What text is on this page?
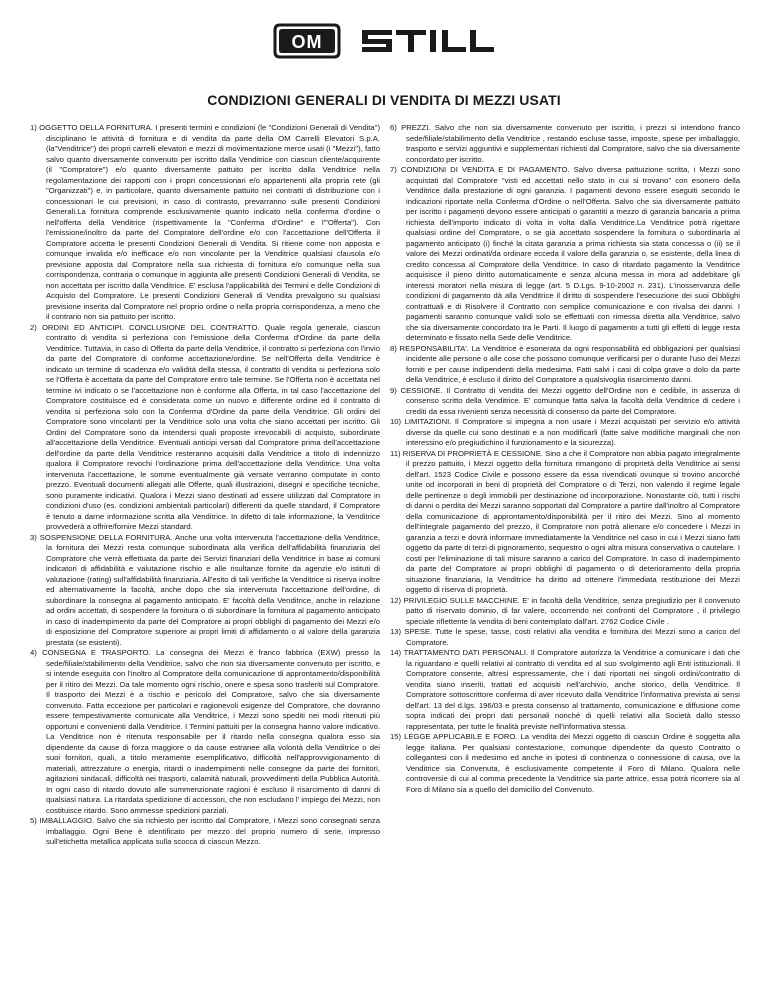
OM
CONDIZIONI GENERALI DI VENDITA DI MEZZI USATI

1) OGGETTO DELLA FORNITURA. I presenti termini e condizioni (le "Condizioni Generali di Vendita") disciplinano le attività di fornitura e di vendita da parte della OM Carrelli Elevatori S.p.A. (la"Venditrice") dei propri carrelli elevatori e mezzi di movimentazione merce usati (i "Mezzi"), fatto salvo quanto diversamente convenuto per iscritto dalla Venditrice con ciascun cliente/acquirente (il "Compratore") e/o quanto diversamente pattuito per iscritto dalla Venditrice nella regolamentazione dei rapporti con i propri concessionari e/o appartenenti alla propria rete (gli "Organizzati") e, in particolare, quanto diversamente pattuito nei contratti di distribuzione con i concessionari le cui previsioni, in caso di contrasto, prevarranno sulle presenti Condizioni Generali.La fornitura comprende esclusivamente quanto indicato nella conferma d'ordine o nell'offerta della Venditrice (rispettivamente la "Conferma d'Ordine" e l'"Offerta"). Con l'emissione/inoltro da parte del Compratore dell'ordine e/o con l'accettazione dell'Offerta il Compratore accetta le presenti Condizioni Generali di Vendita. Si ritiene come non apposta e comunque invalida e/o inefficace e/o non vincolante per la Venditrice qualsiasi clausola e/o previsione apposta dal Compratore nella sua richiesta di fornitura e/o comunque nella sua corrispondenza, contraria o comunque in aggiunta alle presenti Condizioni Generali di Vendita, se non accettata per iscritto dalla Venditrice. E' esclusa l'applicabilità dei Termini e delle Condizioni di Acquisto del Compratore. Le presenti Condizioni Generali di Vendita prevalgono su qualsiasi previsione inserita dal Compratore nel proprio ordine o nella propria corrispondenza, a meno che il contrario non sia pattuito per iscritto.

2) ORDINI ED ANTICIPI. CONCLUSIONE DEL CONTRATTO. Quale regola generale, ciascun contratto di vendita si perfeziona con l'emissione della Conferma d'Ordine da parte della Venditrice. Tuttavia, in caso di Offerta da parte della Venditrice, il contratto si perfeziona con l'invio da parte del Compratore di conforme accettazione/ordine. Se nell'Offerta della Venditrice è indicato un termine di scadenza e/o validità della stessa, il contratto di vendita si perfeziona solo se l'Offerta è accettata da parte del Compratore entro tale termine. Se l'Offerta non è accettata nel termine ivi indicato o se l'accettazione non è conforme alla Offerta, in tal caso l'accettazione del Compratore costituisce ed è considerata come un nuovo e differente ordine ed il contratto di vendita si perfeziona solo con la Conferma d'Ordine da parte della Venditrice. Gli ordini del Compratore sono vincolanti per la Venditrice solo una volta che siano accettati per iscritto. Gli Ordini del Compratore sono da intendersi quali proposte irrevocabili di acquisto, subordinate all'accettazione della Venditrice. Eventuali anticipi versati dal Compratore prima dell'accettazione dell'ordine da parte della Venditrice resteranno acquisiti dalla Venditrice a titolo di indennizzo qualora il Compratore revochi l'ordinazione prima dell'accettazione della Venditrice. Una volta intervenuta l'accettazione, le somme eventualmente già versate verranno computate in conto prezzo. Eventuali documenti allegati alle Offerte, quali illustrazioni, disegni e specifiche tecniche, sono puramente indicativi. Qualora i Mezzi siano destinati ad essere utilizzati dal Compratore in condizioni d'uso (es. condizioni ambientali particolari) differenti da quelle standard, il Compratore è tenuto a darne informazione scritta alla Venditrice. In difetto di tale informazione, la Venditrice provvederà a offrire/fornire Mezzi standard.

3) SOSPENSIONE DELLA FORNITURA. Anche una volta intervenuta l'accettazione della Venditrice, la fornitura dei Mezzi resta comunque subordinata alla verifica dell'affidabilità finanziaria del Compratore che verrà effettuata da parte dei Servizi finanziari della Venditrice in base ai comuni indicatori di affidabilità e valutazione rischio e alle risultanze fornite da agenzie e/o istituti di valutazione (rating) sull'affidabilità finanziaria. All'esito di tali verifiche la Venditrice si riserva inoltre ed alternativamente la facoltà, anche dopo che sia intervenuta l'accettazione dell'ordine, di subordinare la consegna al pagamento anticipato. E' facoltà della Venditrice, anche in relazione ad ordini accettati, di sospendere la fornitura o di subordinare la fornitura al pagamento anticipato in caso di inadempimento da parte del Compratore ai propri obblighi di pagamento dei Mezzi e/o di esposizione del Compratore superiore ai propri limiti di affidamento o al valore della garanzia prestata (se esistenti).

4) CONSEGNA E TRASPORTO. La consegna dei Mezzi è franco fabbrica (EXW) presso la sede/filiale/stabilimento della Venditrice, salvo che non sia diversamente convenuto per iscritto, e si intende eseguita con l'inoltro al Compratore della comunicazione di approntamento/disponibilità per il ritiro dei Mezzi. Da tale momento ogni rischio, onere e spesa sono trasferiti sul Compratore. Il trasporto dei Mezzi è a rischio e pericolo del Compratore, salvo che sia diversamente convenuto. Fatta eccezione per particolari e ragionevoli esigenze del Compratore, che dovranno essere tempestivamente comunicate alla Venditrice, i Mezzi sono spediti nei modi ritenuti più opportuni e convenienti dalla Venditrice. I Termini pattuiti per la consegna hanno valore indicativo. La Venditrice non è ritenuta responsabile per il ritardo nella consegna qualora esso sia dipendente da cause di forza maggiore o da cause estranee alla volontà della Venditrice o dei suoi fornitori, quali, a titolo meramente esemplificativo, difficoltà nell'approvvigionamento di materiali, attrezzature o energia, ritardi o inadempimenti nelle consegne da parte dei fornitori, agitazioni sindacali, difficoltà nei trasporti, calamità naturali, provvedimenti della Pubblica Autorità. In ogni caso di ritardo dovuto alle summenzionate ragioni è escluso il risarcimento di danni di qualsiasi natura. La ritardata spedizione di accessori, che non escludano l' impiego dei Mezzi, non costituisce ritardo. Sono ammesse spedizioni parziali.

5) IMBALLAGGIO. Salvo che sia richiesto per iscritto dal Compratore, i Mezzi sono consegnati senza imballaggio. Ogni Bene è identificato per mezzo del proprio numero di serie, impresso sull'etichetta metallica applicata sulla scocca di ciascun Mezzo.

6) PREZZI. Salvo che non sia diversamente convenuto per iscritto, i prezzi si intendono franco sede/filiale/stabilimento della Venditrice , restando escluse tasse, imposte, spese per imballaggio, trasporto e servizi aggiuntivi e supplementari richiesti dal Compratore, salvo che sia diversamente concordato per iscritto.

7) CONDIZIONI DI VENDITA E DI PAGAMENTO. Salvo diversa pattuizione scritta, i Mezzi sono acquistati dal Compratore "visti ed accettati nello stato in cui si trovano" con esonero della Venditrice dalla prestazione di ogni garanzia. I pagamenti devono essere eseguiti secondo le indicazioni riportate nella Conferma d'Ordine o nell'Offerta. Salvo che sia diversamente pattuito per iscritto i pagamenti devono essere anticipati o garantiti a mezzo di garanzia bancaria a prima richiesta dell'importo indicato di volta in volta dalla Venditrice.La Venditrice potrà rigettare qualsiasi ordine del Compratore, o se già accettato sospendere la fornitura o subordinarla al pagamento anticipato (i) finché la citata garanzia a prima richiesta sia stata concessa o (ii) se il valore dei Mezzi ordinati/da ordinare ecceda il valore della garanzia o, se esistente, della linea di credito concessa al Compratore della Venditrice. In caso di ritardato pagamento la Venditrice acquisisce il pieno diritto automaticamente e senza alcuna messa in mora ad addebitare gli interessi moratori nella misura di legge (art. 5 D.Lgs. 9-10-2002 n. 231). L'inosservanza delle condizioni di pagamento dà alla Venditrice il diritto di sospendere l'esecuzione dei suoi Obblighi contrattuali e di Risolvere il Contratto con semplice comunicazione e con rivalsa dei danni. I pagamenti saranno comunque validi solo se effettuati con rimessa diretta alla Venditrice, salvo che sia diversamente concordato tra le Parti. Il luogo di pagamento a tutti gli effetti di legge resta determinato e fissato nella Sede delle Venditrice.

8) RESPONSABILITA'. La Venditrice è esonerata da ogni responsabilità ed obbligazioni per qualsiasi incidente alle persone o alle cose che possono comunque verificarsi per o durante l'uso dei Mezzi forniti e per cause indipendenti della medesima. Fatti salvi i casi di colpa grave o dolo da parte della Venditrice, è escluso il diritto del Compratore a qualsivoglia risarcimento danni.

9) CESSIONE. Il Contratto di vendita dei Mezzi oggetto dell'Ordine non è cedibile, in assenza di consenso scritto della Venditrice. E' comunque fatta salva la facoltà della Venditrice di cedere i crediti da essa rivenienti senza necessità di consenso da parte del Compratore.

10) LIMITAZIONI. Il Compratore si impegna a non usare i Mezzi acquistati per servizio e/o attività diverse da quelle cui sono destinati e a non modificarli (fatte salve modifiche marginali che non interessino e/o pregiudichino il funzionamento e la sicurezza).

11) RISERVA DI PROPRIETÀ E CESSIONE. Sino a che il Compratore non abbia pagato integralmente il prezzo pattuito, i Mezzi oggetto della fornitura rimangono di proprietà della Venditrice ai sensi dell'art. 1523 Codice Civile e possono essere da essa rivendicati ovunque si trovino ancorché unite od incorporati in beni di proprietà del Compratore o di Terzi, non valendo il regime legale delle pertinenze o degli immobili per destinazione od incorporazione. Nonostante ciò, tutti i rischi di danni o perdita dei Mezzi saranno sopportati dal Compratore a partire dall'inoltro al Compratore della comunicazione di approntamento/disponibilità per il ritiro dei Mezzi. Sino al momento dell'integrale pagamento del prezzo, il Compratore non potrà alienare e/o concedere i Mezzi in garanzia a terzi e dovrà informare immediatamente la Venditrice nel caso in cui i Mezzi siano fatti oggetto da parte di terzi di pignoramento, sequestro o ogni altra misura conservativa o cautelare. I costi per l'eliminazione di tali misure saranno a carico del Compratore. In caso di inadempimento da parte del Compratore ai propri obblighi di pagamento o di deterioramento della propria situazione finanziaria, la Venditrice ha diritto ad ottenere l'immediata restituzione dei Mezzi oggetto di riserva di proprietà.

12) PRIVILEGIO SULLE MACCHINE. E' in facoltà della Venditrice, senza pregiudizio per il convenuto patto di riservato dominio, di far valere, occorrendo nei confronti del Compratore , il privilegio speciale riflettente la vendita di beni contemplato dall'art. 2762 Codice Civile .

13) SPESE. Tutte le spese, tasse, costi relativi alla vendita e fornitura dei Mezzi sono a carico del Compratore.

14) TRATTAMENTO DATI PERSONALI. Il Compratore autorizza la Venditrice a comunicare i dati che la riguardano e quelli relativi al contratto di vendita ed al suo svolgimento agli Enti istituzionali. Il Compratore consente, altresì espressamente, che i dati riportati nei singoli ordini/contratto di vendita siano inseriti, trattati ed acquisiti nell'archivio, anche storico, della Venditrice. Il Compratore sottoscrittore conferma di aver ricevuto dalla Venditrice l'informativa prevista ai sensi dell'art. 13 del d.lgs. 196/03 e presta consenso al trattamento, comunicazione e diffusione come sopra indicati dei propri dati personali nonché di quelli relativi alla Società dallo stesso rappresentata, per tutte le finalità previste nell'informativa stessa.

15) LEGGE APPLICABILE E FORO. La vendita dei Mezzi oggetto di ciascun Ordine è soggetta alla legge italiana. Per qualsiasi contestazione, comunque dipendente da questo Contratto o collegantesi con il medesimo ed anche in ipotesi di continenza o connessione di causa, ove la Venditrice sia Convenuta, è esclusivamente competente il Foro di Milano. Qualora nelle controversie di cui al comma precedente la Venditrice sia parte attrice, essa potrà ricorrere sia al Foro di Milano sia a quello del domicilio del Convenuto.
